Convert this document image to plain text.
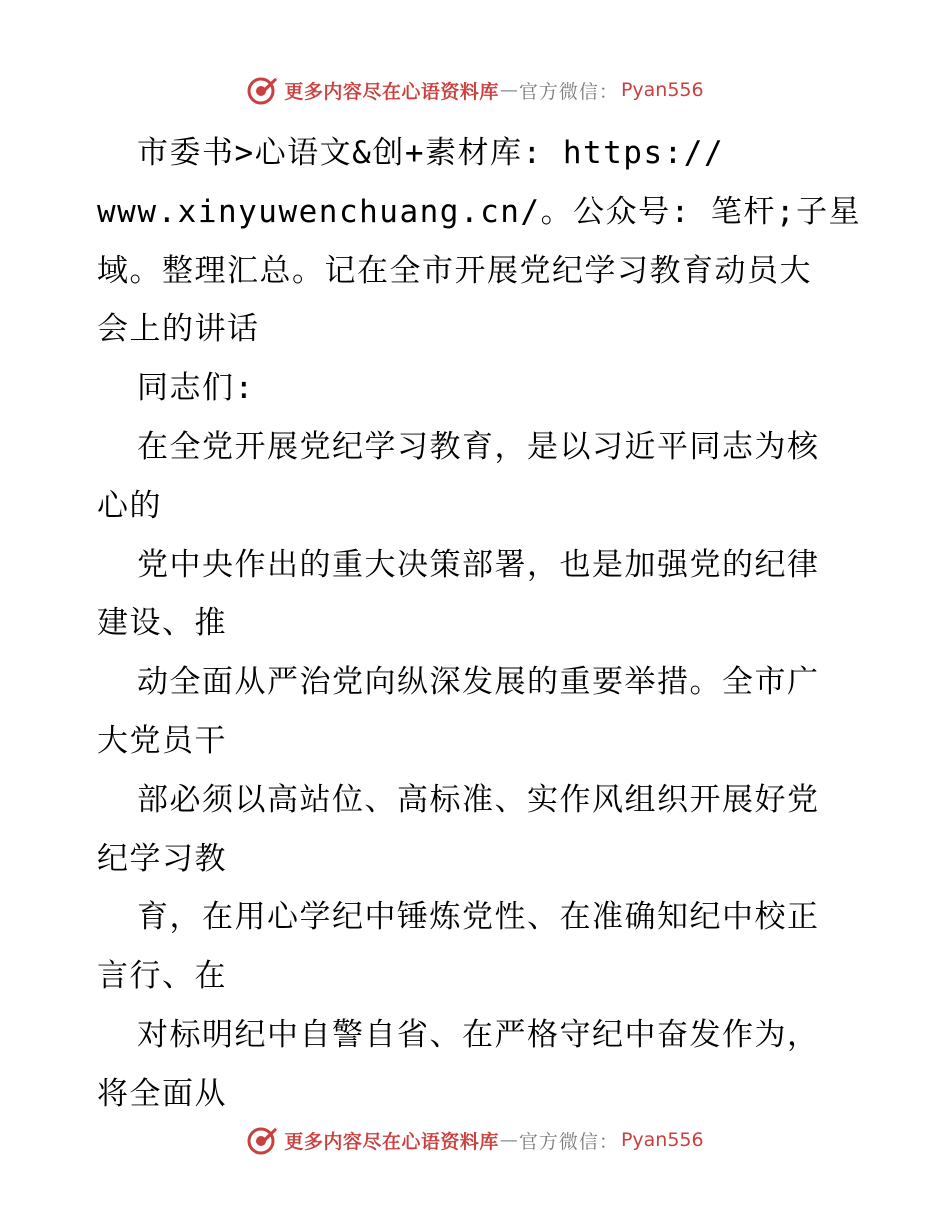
更多内容尽在心语资料库 — 官方微信： Pyan556
市委书>心语文&创+素材库: https://
www.xinyuwenchuang.cn/。公众号: 笔杆;子星
域。整理汇总。记在全市开展党纪学习教育动员大
会上的讲话
同志们:
在全党开展党纪学习教育，是以习近平同志为核
心的
党中央作出的重大决策部署，也是加强党的纪律
建设、推
动全面从严治党向纵深发展的重要举措。全市广
大党员干
部必须以高站位、高标准、实作风组织开展好党
纪学习教
育，在用心学纪中锤炼党性、在准确知纪中校正
言行、在
对标明纪中自警自省、在严格守纪中奋发作为，
将全面从
更多内容尽在心语资料库 — 官方微信： Pyan556
